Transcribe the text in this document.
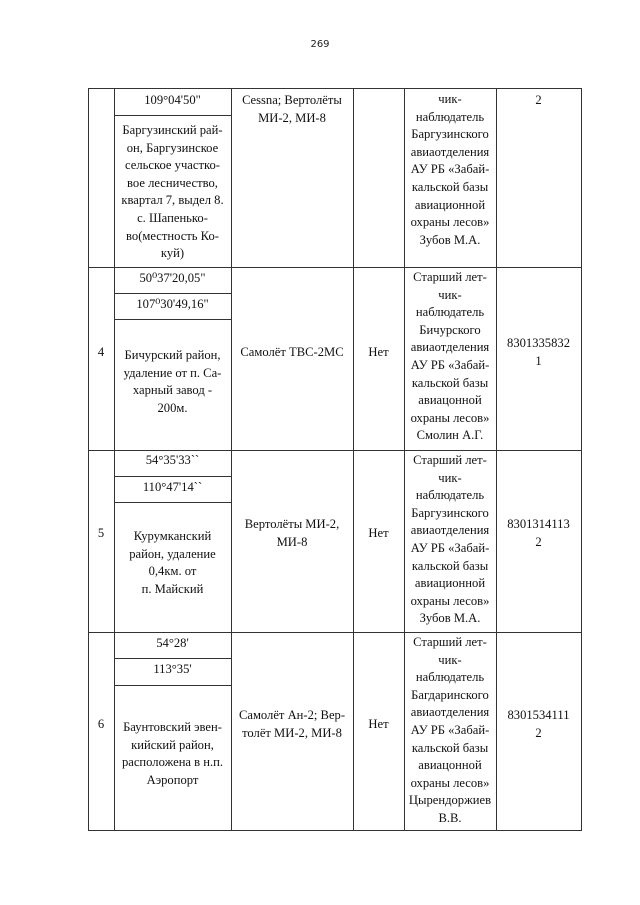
269
109°04'50"
Баргузинский рай-
он, Баргузинское
сельское участко-
вое лесничество,
квартал 7, выдел 8.
с. Шапенько-
во(местность Ко-
куй)
Cessna; Вертолёты
МИ-2, МИ-8
чик-
наблюдатель
Баргузинского
авиаотделения
АУ РБ «Забай-
кальской базы
авиационной
охраны лесов»
Зубов М.А.
2
4
50⁰37'20,05"
107⁰30'49,16"
Бичурский район,
удаление от п. Са-
харный завод -
200м.
Самолёт ТВС-2МС	Нет
Старший лет-
чик-
наблюдатель
Бичурского
авиаотделения
АУ РБ «Забай-
кальской базы
авиацонной
охраны лесов»
Смолин А.Г.
8301335832
1
5
54°35'33``
110°47'14``
Курумканский
район, удаление
0,4км. от
п. Майский
Вертолёты МИ-2,
МИ-8
Нет
Старший лет-
чик-
наблюдатель
Баргузинского
авиаотделения
АУ РБ «Забай-
кальской базы
авиационной
охраны лесов»
Зубов М.А.
8301314113
2
6
54°28'
113°35'
Баунтовский эвен-
кийский район,
расположена в н.п.
Аэропорт
Самолёт Ан-2; Вер-
толёт МИ-2, МИ-8
Нет
Старший лет-
чик-
наблюдатель
Багдаринского
авиаотделения
АУ РБ «Забай-
кальской базы
авиацонной
охраны лесов»
Цырендоржиев
В.В.
8301534111
2
